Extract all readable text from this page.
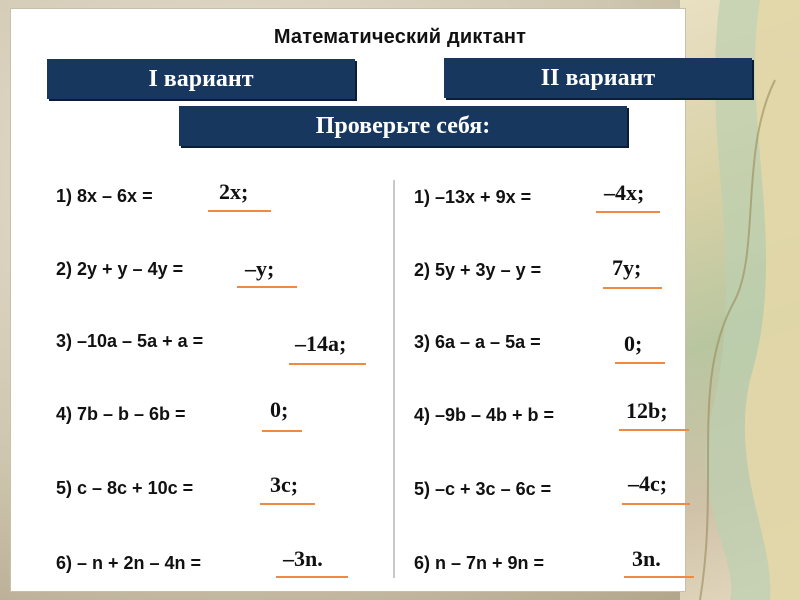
Математический диктант
I вариант	II вариант
Проверьте себя:
1) 8x – 6x =	2x;
2) 2y + y – 4y =	–y;
3) –10a – 5a + a =	–14a;
4) 7b – b – 6b =	0;
5) c – 8c + 10c =	3c;
6) – n + 2n – 4n =	–3n.
1) –13x + 9x =	–4x;
2) 5y + 3y – y =	7y;
3) 6a – a – 5a =	0;
4) –9b – 4b + b =	12b;
5) –c + 3c – 6c =	–4c;
6) n – 7n + 9n =	3n.
